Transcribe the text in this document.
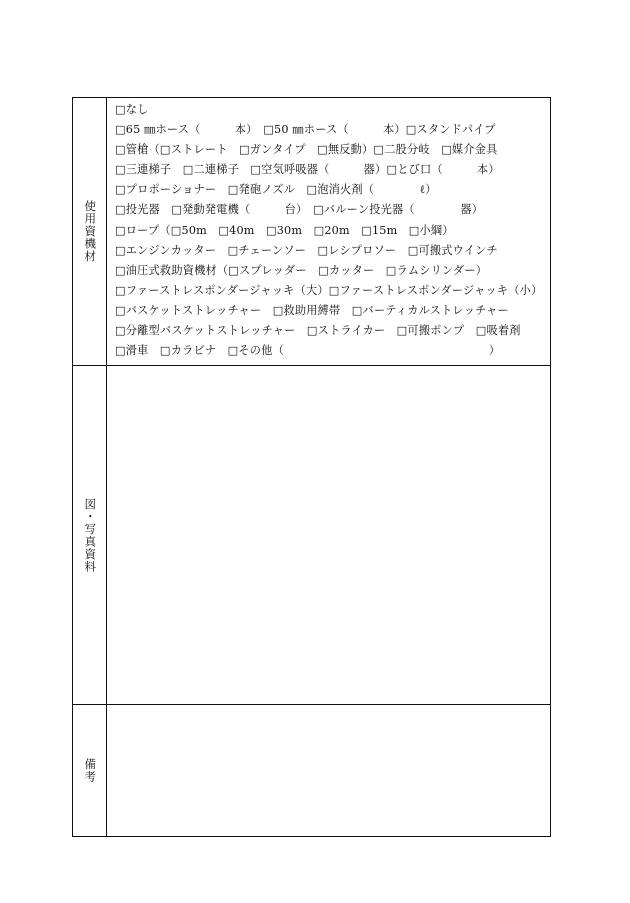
使用資機材
□なし
□65 ㎜ホース（　　　本）　□50 ㎜ホース（　　　本）□スタンドパイプ
□管槍（□ストレート　□ガンタイプ　□無反動）□二股分岐　□媒介金具
□三連梯子　□二連梯子　□空気呼吸器（　　　器）□とび口（　　　本）
□プロポーショナー　□発砲ノズル　□泡消火剤（　　　　ℓ）
□投光器　□発動発電機（　　　台）　□バルーン投光器（　　　　器）
□ロープ（□50m　□40m　□30m　□20m　□15m　□小綱）
□エンジンカッター　□チェーンソー　□レシプロソー　□可搬式ウインチ
□油圧式救助資機材（□スプレッダー　□カッター　□ラムシリンダー）
□ファーストレスポンダージャッキ（大）□ファーストレスポンダージャッキ（小）
□バスケットストレッチャー　□救助用縛帯　□バーティカルストレッチャー
□分離型バスケットストレッチャー　□ストライカー　□可搬ポンプ　□吸着剤
□滑車　□カラビナ　□その他（　　　　　　　　　　　　　　　　　　）
図・写真資料
備考
